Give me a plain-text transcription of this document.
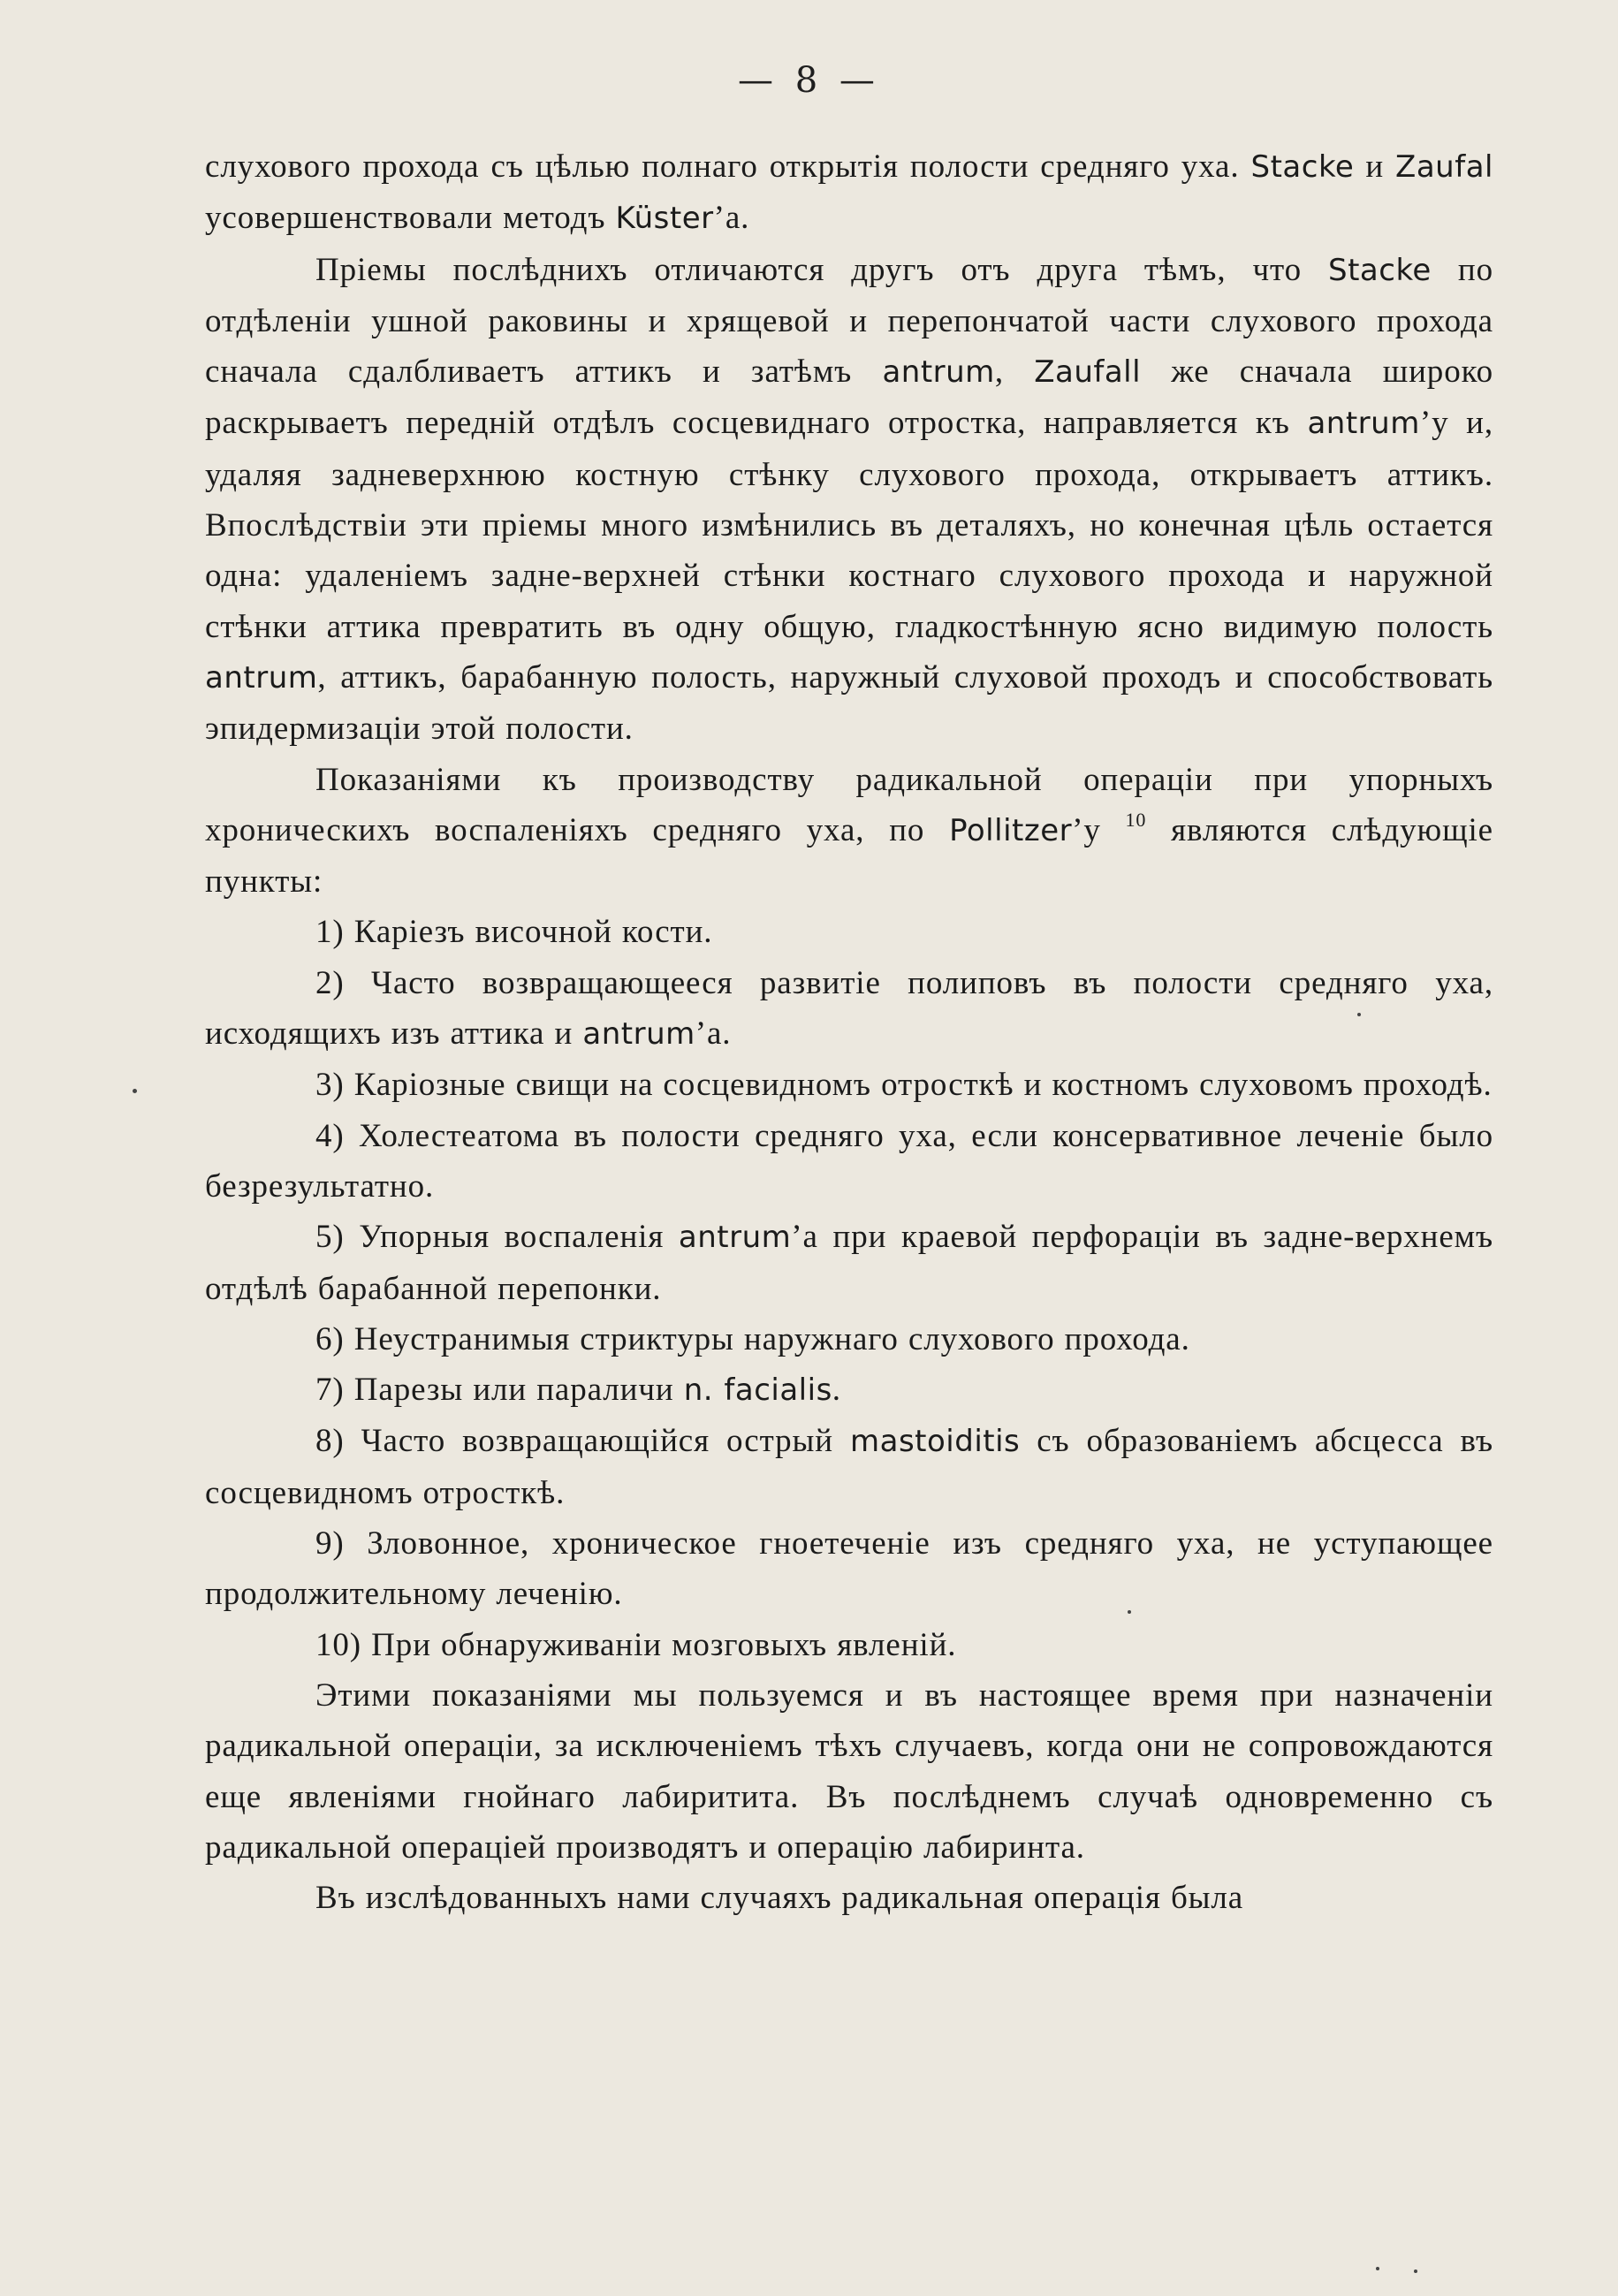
— 8 —

слухового прохода съ цѣлью полнаго открытія полости средняго уха. Stacke и Zaufal усовершенствовали методъ Küster’а.

Пріемы послѣднихъ отличаются другъ отъ друга тѣмъ, что Stacke по отдѣленіи ушной раковины и хрящевой и перепончатой части слухового прохода сначала сдалбливаетъ аттикъ и затѣмъ antrum, Zaufall же сначала широко раскрываетъ передній отдѣлъ сосцевиднаго отростка, направляется къ antrum’у и, удаляя задневерхнюю костную стѣнку слухового прохода, открываетъ аттикъ. Впослѣдствіи эти пріемы много измѣнились въ деталяхъ, но конечная цѣль остается одна: удаленіемъ задне-верхней стѣнки костнаго слухового прохода и наружной стѣнки аттика превратить въ одну общую, гладкостѣнную ясно видимую полость antrum, аттикъ, барабанную полость, наружный слуховой проходъ и способствовать эпидермизаціи этой полости.

Показаніями къ производству радикальной операціи при упорныхъ хроническихъ воспаленіяхъ средняго уха, по Pollitzer’у $^{10}$ являются слѣдующіе пункты:

1) Каріезъ височной кости.

2) Часто возвращающееся развитіе полиповъ въ полости средняго уха, исходящихъ изъ аттика и antrum’а.

3) Каріозные свищи на сосцевидномъ отросткѣ и костномъ слуховомъ проходѣ.

4) Холестеатома въ полости средняго уха, если консервативное леченіе было безрезультатно.

5) Упорныя воспаленія antrum’а при краевой перфораціи въ задне-верхнемъ отдѣлѣ барабанной перепонки.

6) Неустранимыя стриктуры наружнаго слухового прохода.

7) Парезы или параличи n. facialis.

8) Часто возвращающійся острый mastoiditis съ образованіемъ абсцесса въ сосцевидномъ отросткѣ.

9) Зловонное, хроническое гноетеченіе изъ средняго уха, не уступающее продолжительному леченію.

10) При обнаруживаніи мозговыхъ явленій.

Этими показаніями мы пользуемся и въ настоящее время при назначеніи радикальной операціи, за исключеніемъ тѣхъ случаевъ, когда они не сопровождаются еще явленіями гнойнаго лабиритита. Въ послѣднемъ случаѣ одновременно съ радикальной операціей производятъ и операцію лабиринта.

Въ изслѣдованныхъ нами случаяхъ радикальная операція была
